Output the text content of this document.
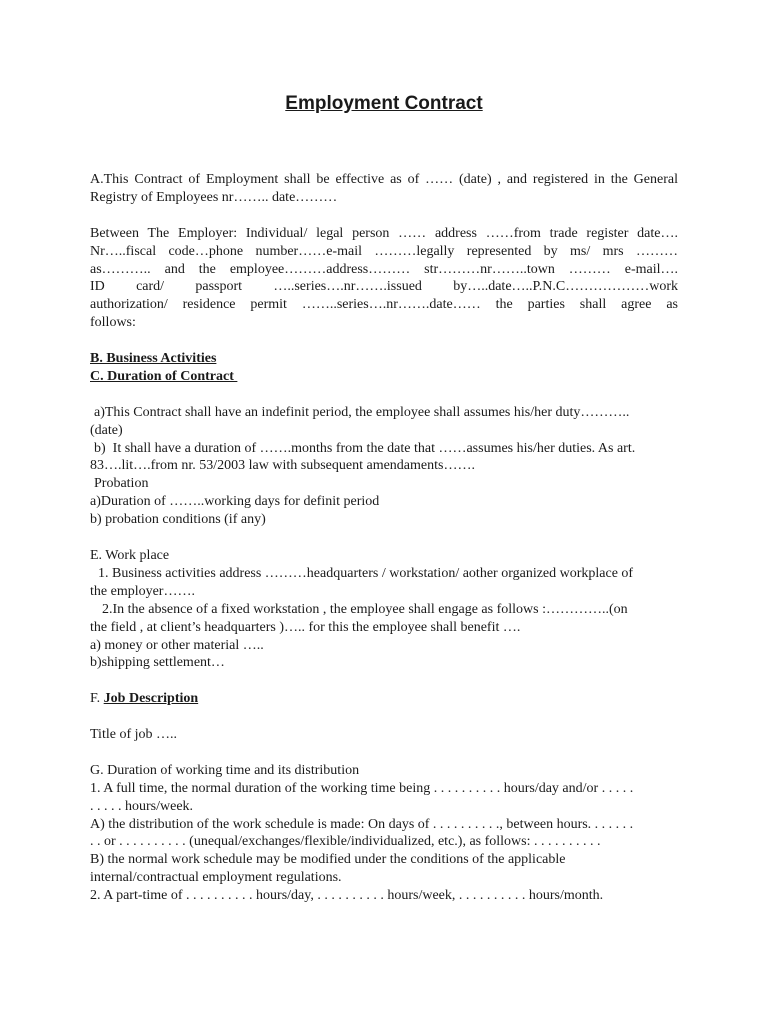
Employment Contract

A.This Contract of Employment shall be effective as of …… (date) , and registered in the General Registry of Employees nr…….. date………

Between The Employer: Individual/ legal person …… address ……from trade register date….

Nr…..fiscal code…phone number……e-mail ………legally represented by ms/ mrs ………

as……….. and the employee………address……… str………nr……..town ……… e-mail….

ID card/ passport …..series….nr…….issued by…..date…..P.N.C………………work

authorization/ residence permit ……..series….nr…….date…… the parties shall agree as

follows:

B. Business Activities

C. Duration of Contract

a)This Contract shall have an indefinit period, the employee shall assumes his/her duty………..

(date)

b)  It shall have a duration of …….months from the date that ……assumes his/her duties. As art.

83….lit….from nr. 53/2003 law with subsequent amendaments…….

Probation

a)Duration of ……..working days for definit period

b) probation conditions (if any)

E. Work place

1. Business activities address ………headquarters / workstation/ aother organized workplace of

the employer…….

2.In the absence of a fixed workstation , the employee shall engage as follows :…………..(on

the field , at client’s headquarters )….. for this the employee shall benefit ….

a) money or other material …..

b)shipping settlement…

F. Job Description

Title of job …..

G. Duration of working time and its distribution

1. A full time, the normal duration of the working time being . . . . . . . . . . hours/day and/or . . . . .

. . . . . hours/week.

A) the distribution of the work schedule is made: On days of . . . . . . . . . ., between hours. . . . . . .

. . or . . . . . . . . . . (unequal/exchanges/flexible/individualized, etc.), as follows: . . . . . . . . . .

B) the normal work schedule may be modified under the conditions of the applicable

internal/contractual employment regulations.

2. A part-time of . . . . . . . . . . hours/day, . . . . . . . . . . hours/week, . . . . . . . . . . hours/month.
